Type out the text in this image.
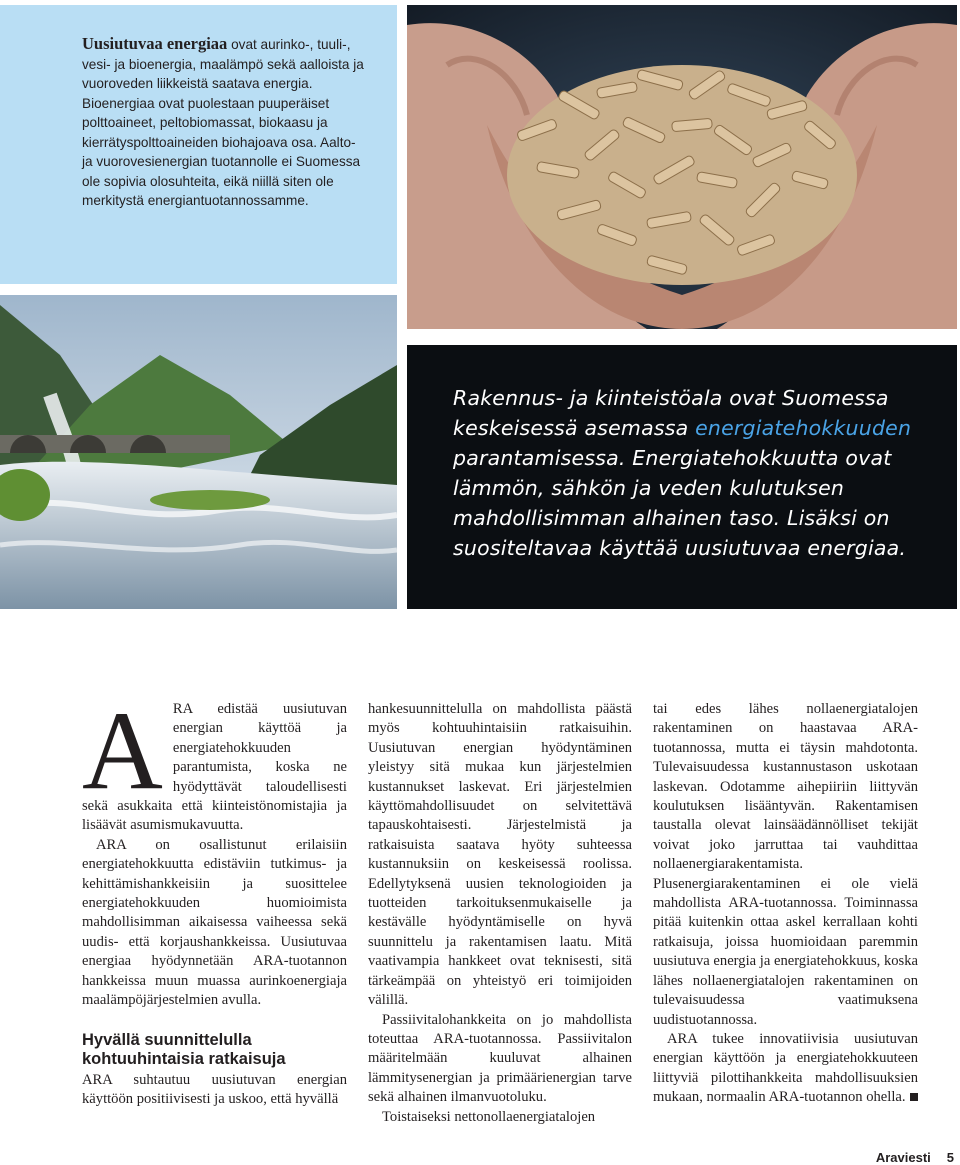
Uusiutuvaa energiaa ovat aurinko-, tuuli-, vesi- ja bioenergia, maalämpö sekä aalloista ja vuoroveden liikkeistä saatava energia. Bioenergiaa ovat puolestaan puuperäiset polttoaineet, peltobiomassat, biokaasu ja kierrätyspolttoaineiden biohajoava osa. Aalto- ja vuorovesienergian tuotannolle ei Suomessa ole sopivia olosuhteita, eikä niillä siten ole merkitystä energiantuotannossamme.
Rakennus- ja kiinteistöala ovat Suomessa keskeisessä asemassa energiatehokkuuden parantamisessa. Energiatehokkuutta ovat lämmön, sähkön ja veden kulutuksen mahdollisimman alhainen taso. Lisäksi on suositeltavaa käyttää uusiutuvaa energiaa.

ARA edistää uusiutuvan energian käyttöä ja energiatehokkuuden parantumista, koska ne hyödyttävät taloudellisesti sekä asukkaita että kiinteistönomistajia ja lisäävät asumismukavuutta.

ARA on osallistunut erilaisiin energiatehokkuutta edistäviin tutkimus- ja kehittämishankkeisiin ja suosittelee energiatehokkuuden huomioimista mahdollisimman aikaisessa vaiheessa sekä uudis- että korjaushankkeissa. Uusiutuvaa energiaa hyödynnetään ARA-tuotannon hankkeissa muun muassa aurinkoenergiaja maalämpöjärjestelmien avulla.

Hyvällä suunnittelulla kohtuuhintaisia ratkaisuja

ARA suhtautuu uusiutuvan energian käyttöön positiivisesti ja uskoo, että hyvällä

hankesuunnittelulla on mahdollista päästä myös kohtuuhintaisiin ratkaisuihin. Uusiutuvan energian hyödyntäminen yleistyy sitä mukaa kun järjestelmien kustannukset laskevat. Eri järjestelmien käyttömahdollisuudet on selvitettävä tapauskohtaisesti. Järjestelmistä ja ratkaisuista saatava hyöty suhteessa kustannuksiin on keskeisessä roolissa. Edellytyksenä uusien teknologioiden ja tuotteiden tarkoituksenmukaiselle ja kestävälle hyödyntämiselle on hyvä suunnittelu ja rakentamisen laatu. Mitä vaativampia hankkeet ovat teknisesti, sitä tärkeämpää on yhteistyö eri toimijoiden välillä.

Passiivitalohankkeita on jo mahdollista toteuttaa ARA-tuotannossa. Passiivitalon määritelmään kuuluvat alhainen lämmitysenergian ja primäärienergian tarve sekä alhainen ilmanvuotoluku.

Toistaiseksi nettonollaenergiatalojen

tai edes lähes nollaenergiatalojen rakentaminen on haastavaa ARA-tuotannossa, mutta ei täysin mahdotonta. Tulevaisuudessa kustannustason uskotaan laskevan. Odotamme aihepiiriin liittyvän koulutuksen lisääntyvän. Rakentamisen taustalla olevat lainsäädännölliset tekijät voivat joko jarruttaa tai vauhdittaa nollaenergiarakentamista. Plusenergiarakentaminen ei ole vielä mahdollista ARA-tuotannossa. Toiminnassa pitää kuitenkin ottaa askel kerrallaan kohti ratkaisuja, joissa huomioidaan paremmin uusiutuva energia ja energiatehokkuus, koska lähes nollaenergiatalojen rakentaminen on tulevaisuudessa vaatimuksena uudistuotannossa.

ARA tukee innovatiivisia uusiutuvan energian käyttöön ja energiatehokkuuteen liittyviä pilottihankkeita mahdollisuuksien mukaan, normaalin ARA-tuotannon ohella.

Araviesti 5
